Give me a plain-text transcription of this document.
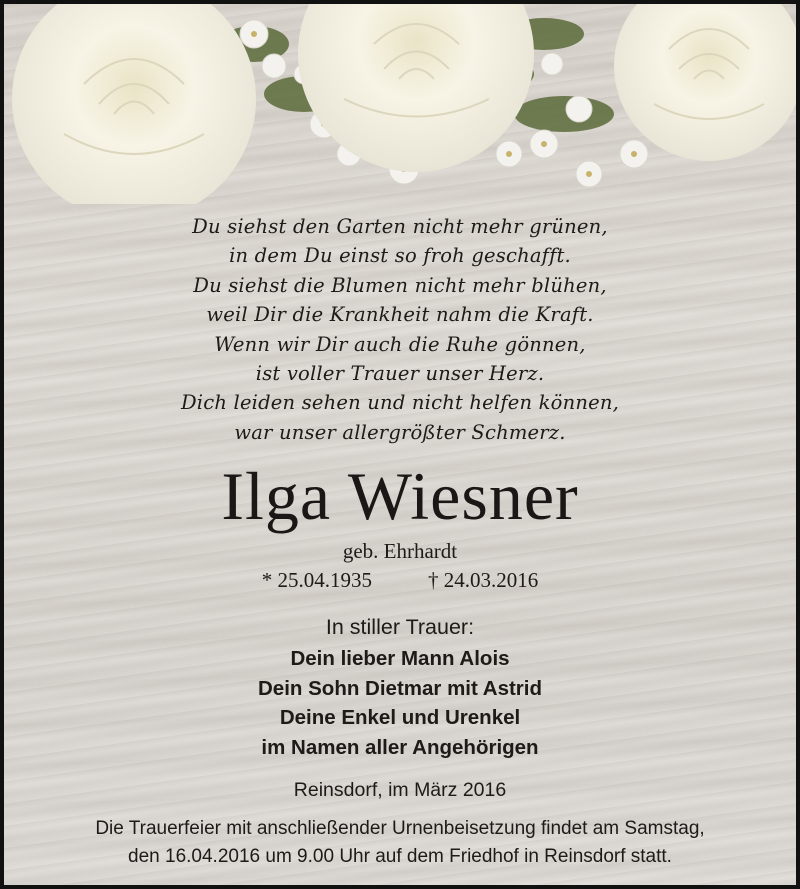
Du siehst den Garten nicht mehr grünen,
in dem Du einst so froh geschafft.
Du siehst die Blumen nicht mehr blühen,
weil Dir die Krankheit nahm die Kraft.
Wenn wir Dir auch die Ruhe gönnen,
ist voller Trauer unser Herz.
Dich leiden sehen und nicht helfen können,
war unser allergrößter Schmerz.
Ilga Wiesner
geb. Ehrhardt
* 25.04.1935	† 24.03.2016
In stiller Trauer:
Dein lieber Mann Alois
Dein Sohn Dietmar mit Astrid
Deine Enkel und Urenkel
im Namen aller Angehörigen
Reinsdorf, im März 2016
Die Trauerfeier mit anschließender Urnenbeisetzung findet am Samstag,
den 16.04.2016 um 9.00 Uhr auf dem Friedhof in Reinsdorf statt.
